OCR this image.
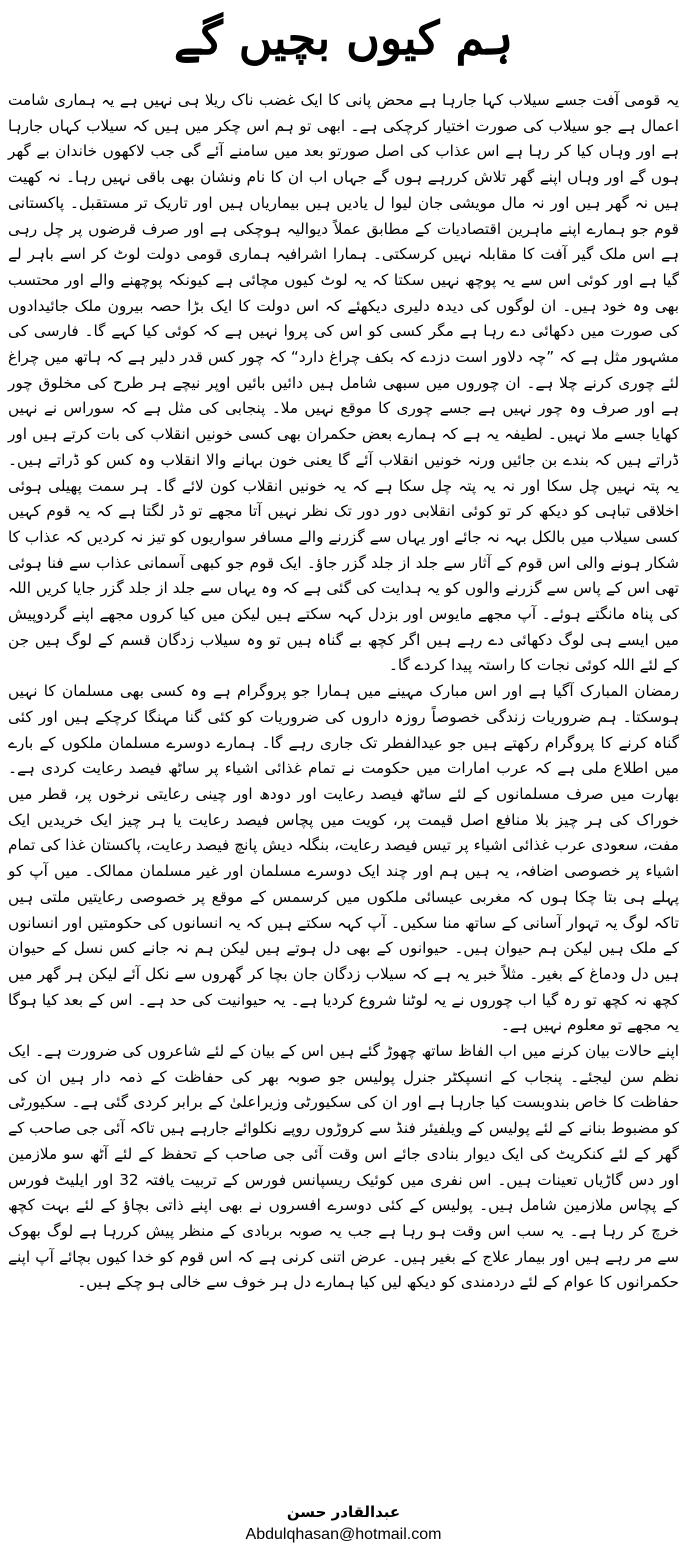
ہم کیوں بچیں گے

یہ قومی آفت جسے سیلاب کہا جارہا ہے محض پانی کا ایک غضب ناک ریلا ہی نہیں ہے یہ ہماری شامت اعمال ہے جو سیلاب کی صورت اختیار کرچکی ہے۔ ابھی تو ہم اس چکر میں ہیں کہ سیلاب کہاں جارہا ہے اور وہاں کیا کر رہا ہے اس عذاب کی اصل صورتو بعد میں سامنے آئے گی جب لاکھوں خاندان بے گھر ہوں گے اور وہاں اپنے گھر تلاش کررہے ہوں گے جہاں اب ان کا نام ونشان بھی باقی نہیں رہا۔ نہ کھیت ہیں نہ گھر ہیں اور نہ مال مویشی جان لیوا ل یادیں ہیں بیماریاں ہیں اور تاریک تر مستقبل۔ پاکستانی قوم جو ہمارے اپنے ماہرین اقتصادیات کے مطابق عملاً دیوالیہ ہوچکی ہے اور صرف قرضوں پر چل رہی ہے اس ملک گیر آفت کا مقابلہ نہیں کرسکتی۔ ہمارا اشرافیہ ہماری قومی دولت لوٹ کر اسے باہر لے گیا ہے اور کوئی اس سے یہ پوچھ نہیں سکتا کہ یہ لوٹ کیوں مچائی ہے کیونکہ پوچھنے والے اور محتسب بھی وہ خود ہیں۔ ان لوگوں کی دیدہ دلیری دیکھئے کہ اس دولت کا ایک بڑا حصہ بیرون ملک جائیدادوں کی صورت میں دکھائی دے رہا ہے مگر کسی کو اس کی پروا نہیں ہے کہ کوئی کیا کہے گا۔ فارسی کی مشہور مثل ہے کہ ”چہ دلاور است دزدے کہ بکف چراغ دارد“ کہ چور کس قدر دلیر ہے کہ ہاتھ میں چراغ لئے چوری کرنے چلا ہے۔ ان چوروں میں سبھی شامل ہیں دائیں بائیں اوپر نیچے ہر طرح کی مخلوق چور ہے اور صرف وہ چور نہیں ہے جسے چوری کا موقع نہیں ملا۔ پنجابی کی مثل ہے کہ سوراس نے نہیں کھایا جسے ملا نہیں۔ لطیفہ یہ ہے کہ ہمارے بعض حکمران بھی کسی خونیں انقلاب کی بات کرتے ہیں اور ڈراتے ہیں کہ بندے بن جائیں ورنہ خونیں انقلاب آئے گا یعنی خون بہانے والا انقلاب وہ کس کو ڈراتے ہیں۔ یہ پتہ نہیں چل سکا اور نہ یہ پتہ چل سکا ہے کہ یہ خونیں انقلاب کون لائے گا۔ ہر سمت پھیلی ہوئی اخلاقی تباہی کو دیکھ کر تو کوئی انقلابی دور دور تک نظر نہیں آتا مجھے تو ڈر لگتا ہے کہ یہ قوم کہیں کسی سیلاب میں بالکل بہہ نہ جائے اور یہاں سے گزرنے والے مسافر سواریوں کو تیز نہ کردیں کہ عذاب کا شکار ہونے والی اس قوم کے آثار سے جلد از جلد گزر جاؤ۔ ایک قوم جو کبھی آسمانی عذاب سے فنا ہوئی تھی اس کے پاس سے گزرنے والوں کو یہ ہدایت کی گئی ہے کہ وہ یہاں سے جلد از جلد گزر جایا کریں اللہ کی پناہ مانگتے ہوئے۔ آپ مجھے مایوس اور بزدل کہہ سکتے ہیں لیکن میں کیا کروں مجھے اپنے گردوپیش میں ایسے ہی لوگ دکھائی دے رہے ہیں اگر کچھ بے گناہ ہیں تو وہ سیلاب زدگان قسم کے لوگ ہیں جن کے لئے اللہ کوئی نجات کا راستہ پیدا کردے گا۔

رمضان المبارک آگیا ہے اور اس مبارک مہینے میں ہمارا جو پروگرام ہے وہ کسی بھی مسلمان کا نہیں ہوسکتا۔ ہم ضروریات زندگی خصوصاً روزہ داروں کی ضروریات کو کئی گنا مہنگا کرچکے ہیں اور کئی گناہ کرنے کا پروگرام رکھتے ہیں جو عیدالفطر تک جاری رہے گا۔ ہمارے دوسرے مسلمان ملکوں کے بارے میں اطلاع ملی ہے کہ عرب امارات میں حکومت نے تمام غذائی اشیاء پر ساٹھ فیصد رعایت کردی ہے۔ بھارت میں صرف مسلمانوں کے لئے ساٹھ فیصد رعایت اور دودھ اور چینی رعایتی نرخوں پر، قطر میں خوراک کی ہر چیز بلا منافع اصل قیمت پر، کویت میں پچاس فیصد رعایت یا ہر چیز ایک خریدیں ایک مفت، سعودی عرب غذائی اشیاء پر تیس فیصد رعایت، بنگلہ دیش پانچ فیصد رعایت، پاکستان غذا کی تمام اشیاء پر خصوصی اضافہ، یہ ہیں ہم اور چند ایک دوسرے مسلمان اور غیر مسلمان ممالک۔ میں آپ کو پہلے ہی بتا چکا ہوں کہ مغربی عیسائی ملکوں میں کرسمس کے موقع پر خصوصی رعایتیں ملتی ہیں تاکہ لوگ یہ تہوار آسانی کے ساتھ منا سکیں۔ آپ کہہ سکتے ہیں کہ یہ انسانوں کی حکومتیں اور انسانوں کے ملک ہیں لیکن ہم حیوان ہیں۔ حیوانوں کے بھی دل ہوتے ہیں لیکن ہم نہ جانے کس نسل کے حیوان ہیں دل ودماغ کے بغیر۔ مثلاً خبر یہ ہے کہ سیلاب زدگان جان بچا کر گھروں سے نکل آئے لیکن ہر گھر میں کچھ نہ کچھ تو رہ گیا اب چوروں نے یہ لوٹنا شروع کردیا ہے۔ یہ حیوانیت کی حد ہے۔ اس کے بعد کیا ہوگا یہ مجھے تو معلوم نہیں ہے۔

اپنے حالات بیان کرنے میں اب الفاظ ساتھ چھوڑ گئے ہیں اس کے بیان کے لئے شاعروں کی ضرورت ہے۔ ایک نظم سن لیجئے۔ پنجاب کے انسپکٹر جنرل پولیس جو صوبہ بھر کی حفاظت کے ذمہ دار ہیں ان کی حفاظت کا خاص بندوبست کیا جارہا ہے اور ان کی سکیورٹی وزیراعلیٰ کے برابر کردی گئی ہے۔ سکیورٹی کو مضبوط بنانے کے لئے پولیس کے ویلفیئر فنڈ سے کروڑوں روپے نکلوائے جارہے ہیں تاکہ آئی جی صاحب کے گھر کے لئے کنکریٹ کی ایک دیوار بنادی جائے اس وقت آئی جی صاحب کے تحفظ کے لئے آٹھ سو ملازمین اور دس گاڑیاں تعینات ہیں۔ اس نفری میں کوئیک ریسپانس فورس کے تربیت یافتہ 32 اور ایلیٹ فورس کے پچاس ملازمین شامل ہیں۔ پولیس کے کئی دوسرے افسروں نے بھی اپنے ذاتی بچاؤ کے لئے بہت کچھ خرچ کر رہا ہے۔ یہ سب اس وقت ہو رہا ہے جب یہ صوبہ بربادی کے منظر پیش کررہا ہے لوگ بھوک سے مر رہے ہیں اور بیمار علاج کے بغیر ہیں۔ عرض اتنی کرنی ہے کہ اس قوم کو خدا کیوں بچائے آپ اپنے حکمرانوں کا عوام کے لئے دردمندی کو دیکھ لیں کیا ہمارے دل ہر خوف سے خالی ہو چکے ہیں۔

عبدالقادر حسن
Abdulqhasan@hotmail.com
